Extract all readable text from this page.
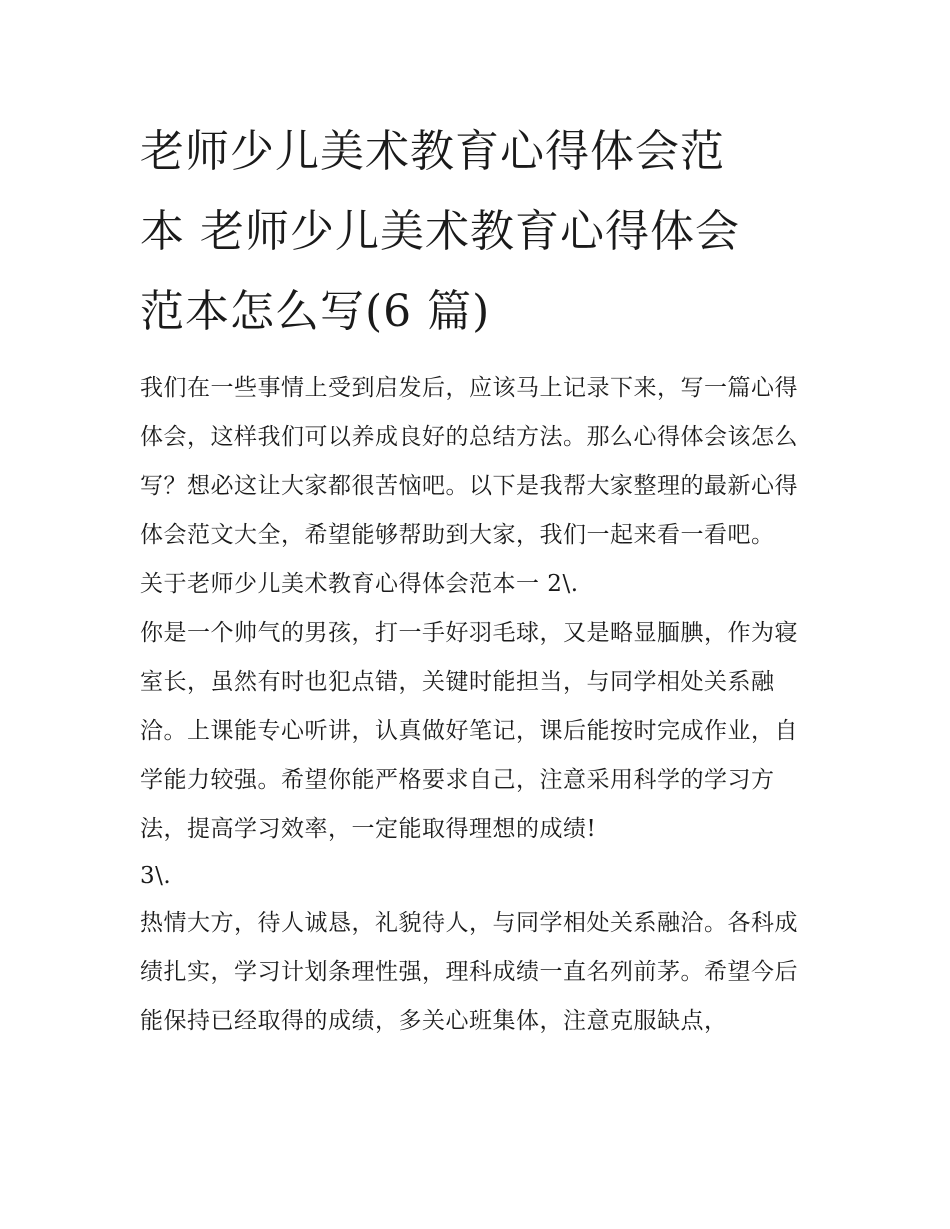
老师少儿美术教育心得体会范
本 老师少儿美术教育心得体会
范本怎么写(6 篇)

我们在一些事情上受到启发后，应该马上记录下来，写一篇心得体会，这样我们可以养成良好的总结方法。那么心得体会该怎么写？想必这让大家都很苦恼吧。以下是我帮大家整理的最新心得体会范文大全，希望能够帮助到大家，我们一起来看一看吧。

关于老师少儿美术教育心得体会范本一 2\.

你是一个帅气的男孩，打一手好羽毛球，又是略显腼腆，作为寝室长，虽然有时也犯点错，关键时能担当，与同学相处关系融洽。上课能专心听讲，认真做好笔记，课后能按时完成作业，自学能力较强。希望你能严格要求自己，注意采用科学的学习方法，提高学习效率，一定能取得理想的成绩!

3\.

热情大方，待人诚恳，礼貌待人，与同学相处关系融洽。各科成绩扎实，学习计划条理性强，理科成绩一直名列前茅。希望今后能保持已经取得的成绩，多关心班集体，注意克服缺点，
